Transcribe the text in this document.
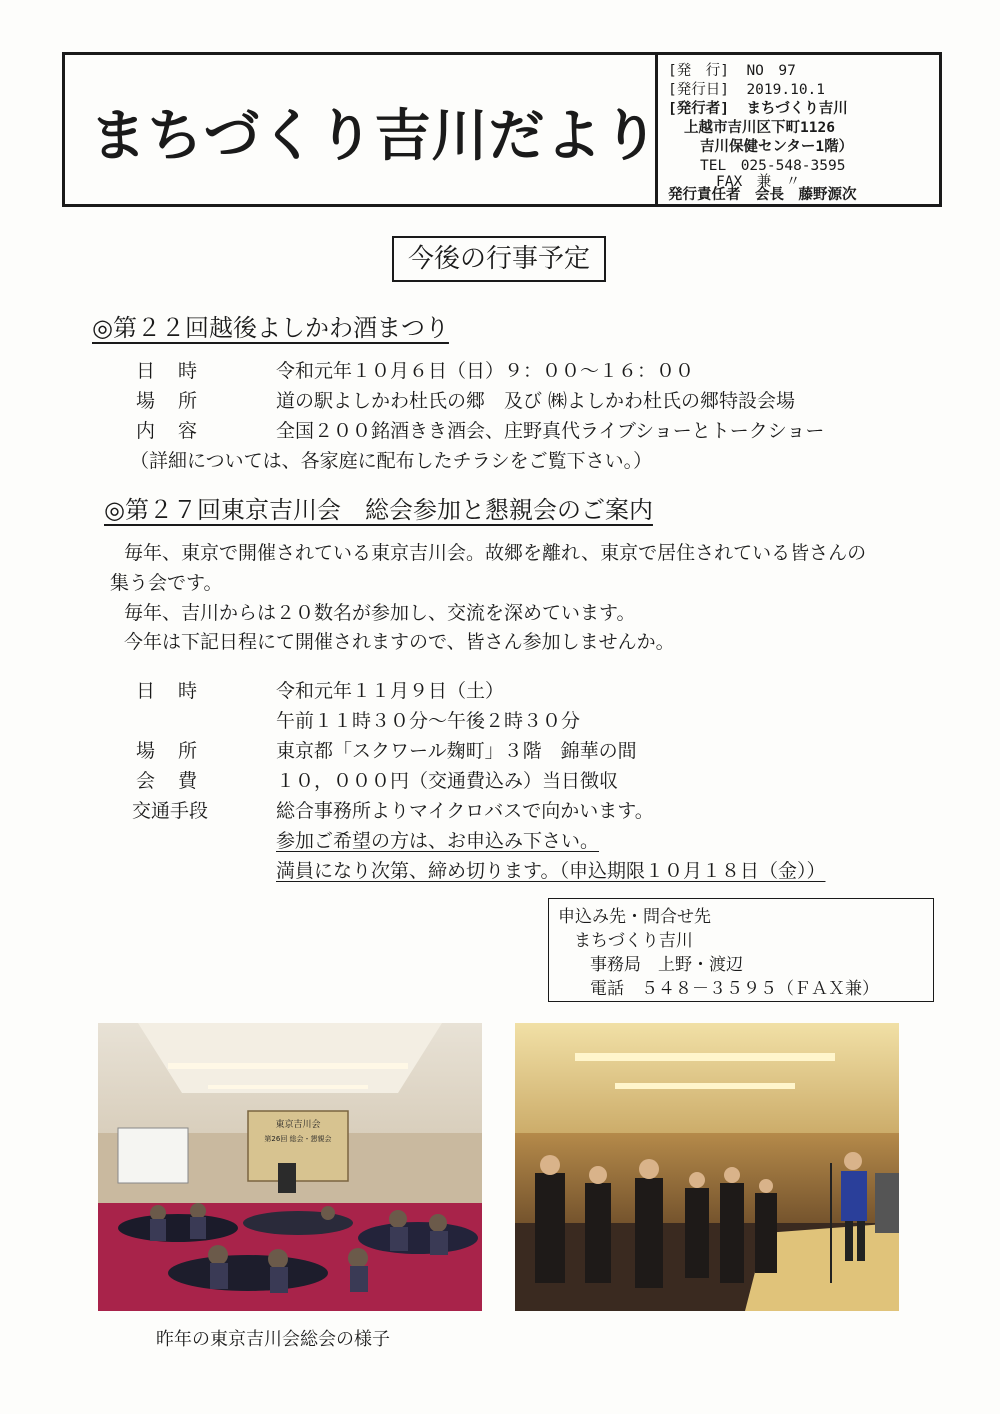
まちづくり吉川だより
[発　行] NO　97
[発行日] 2019.10.1
[発行者] まちづくり吉川
上越市吉川区下町1126
吉川保健センター1階）
TEL　025-548-3595
FAX　兼　〃
発行責任者　会長　藤野源次
今後の行事予定
◎第２２回越後よしかわ酒まつり
日　時	令和元年１０月６日（日）９：００～１６：００
場　所	道の駅よしかわ杜氏の郷　及び ㈱よしかわ杜氏の郷特設会場
内　容	全国２００銘酒きき酒会、庄野真代ライブショーとトークショー
（詳細については、各家庭に配布したチラシをご覧下さい。）
◎第２７回東京吉川会　総会参加と懇親会のご案内
毎年、東京で開催されている東京吉川会。故郷を離れ、東京で居住されている皆さんの
集う会です。
毎年、吉川からは２０数名が参加し、交流を深めています。
今年は下記日程にて開催されますので、皆さん参加しませんか。
日　時	令和元年１１月９日（土）
午前１１時３０分～午後２時３０分
場　所	東京都「スクワール麹町」３階　錦華の間
会　費	１０，０００円（交通費込み）当日徴収
交通手段	総合事務所よりマイクロバスで向かいます。
参加ご希望の方は、お申込み下さい。
満員になり次第、締め切ります。（申込期限１０月１８日（金））
申込み先・問合せ先
まちづくり吉川
事務局　上野・渡辺
電話　５４８－３５９５（ＦＡＸ兼）
東京吉川会
第26回 総会・懇親会
昨年の東京吉川会総会の様子
